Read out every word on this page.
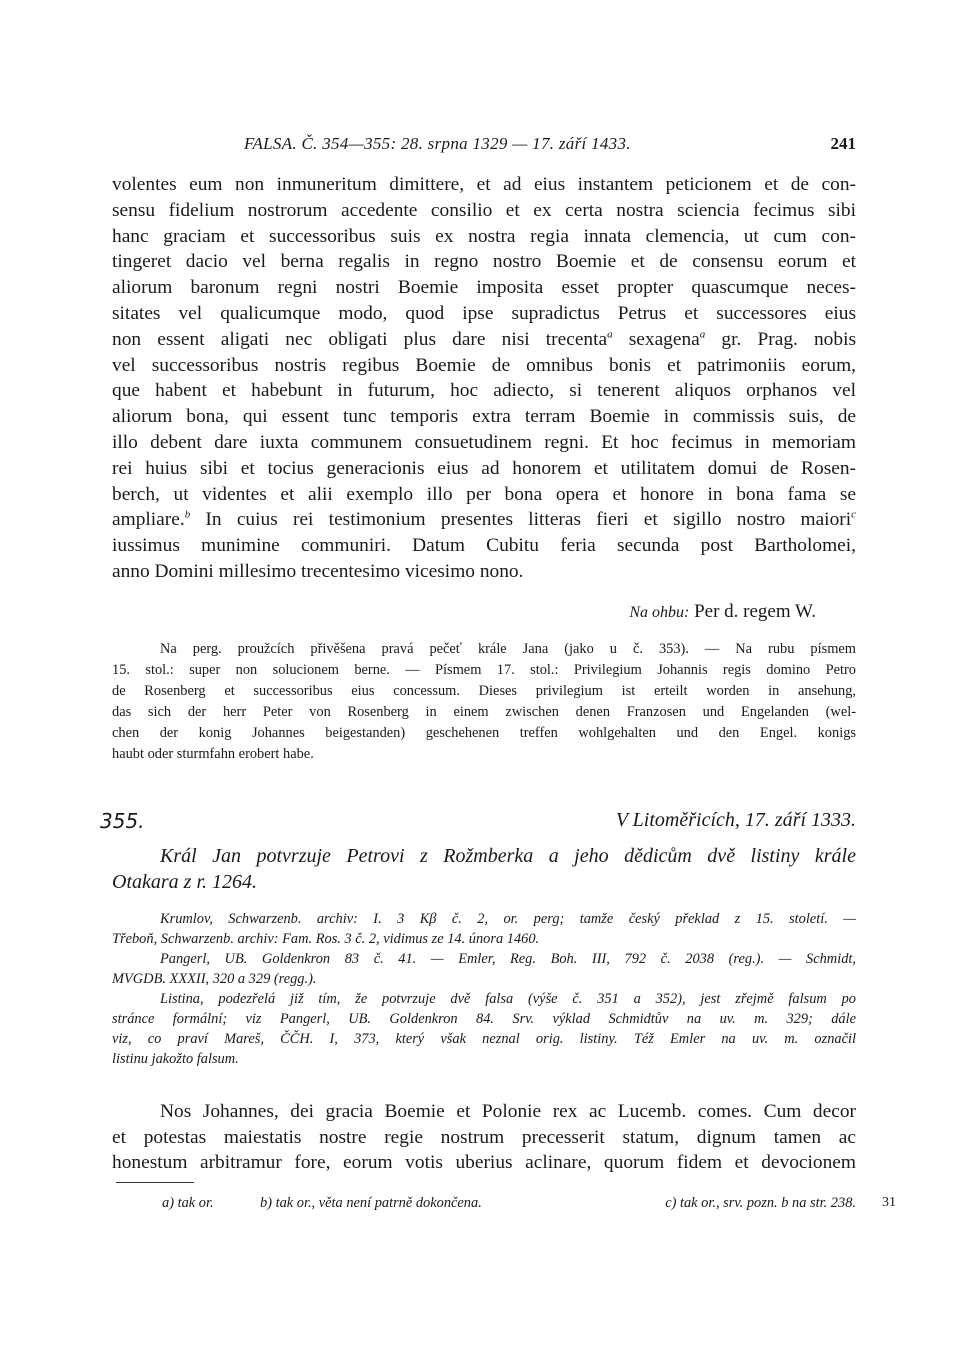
FALSA. Č. 354—355: 28. srpna 1329 — 17. září 1433.	241
volentes eum non inmuneritum dimittere, et ad eius instantem peticionem et de con-
sensu fidelium nostrorum accedente consilio et ex certa nostra sciencia fecimus sibi
hanc graciam et successoribus suis ex nostra regia innata clemencia, ut cum con-
tingeret dacio vel berna regalis in regno nostro Boemie et de consensu eorum et
aliorum baronum regni nostri Boemie imposita esset propter quascumque neces-
sitates vel qualicumque modo, quod ipse supradictus Petrus et successores eius
non essent aligati nec obligati plus dare nisi trecenta$^a$ sexagena$^a$ gr. Prag. nobis
vel successoribus nostris regibus Boemie de omnibus bonis et patrimoniis eorum,
que habent et habebunt in futurum, hoc adiecto, si tenerent aliquos orphanos vel
aliorum bona, qui essent tunc temporis extra terram Boemie in commissis suis, de
illo debent dare iuxta communem consuetudinem regni. Et hoc fecimus in memoriam
rei huius sibi et tocius generacionis eius ad honorem et utilitatem domui de Rosen-
berch, ut videntes et alii exemplo illo per bona opera et honore in bona fama se
ampliare.$^b$ In cuius rei testimonium presentes litteras fieri et sigillo nostro maiori$^c$
iussimus munimine communiri. Datum Cubitu feria secunda post Bartholomei,
anno Domini millesimo trecentesimo vicesimo nono.
Na ohbu: Per d. regem W.
Na perg. proužcích přivěšena pravá pečeť krále Jana (jako u č. 353). — Na rubu písmem
15. stol.: super non solucionem berne. — Písmem 17. stol.: Privilegium Johannis regis domino Petro
de Rosenberg et successoribus eius concessum. Dieses privilegium ist erteilt worden in ansehung,
das sich der herr Peter von Rosenberg in einem zwischen denen Franzosen und Engelanden (wel-
chen der konig Johannes beigestanden) geschehenen treffen wohlgehalten und den Engel. konigs
haubt oder sturmfahn erobert habe.
355.	V Litoměřicích, 17. září 1333.
Král Jan potvrzuje Petrovi z Rožmberka a jeho dědicům dvě listiny krále
Otakara z r. 1264.
Krumlov, Schwarzenb. archiv: I. 3 Kβ č. 2, or. perg; tamže český překlad z 15. století. —
Třeboň, Schwarzenb. archiv: Fam. Ros. 3 č. 2, vidimus ze 14. února 1460.
Pangerl, UB. Goldenkron 83 č. 41. — Emler, Reg. Boh. III, 792 č. 2038 (reg.). — Schmidt,
MVGDB. XXXII, 320 a 329 (regg.).
Listina, podezřelá již tím, že potvrzuje dvě falsa (výše č. 351 a 352), jest zřejmě falsum po
stránce formální; viz Pangerl, UB. Goldenkron 84. Srv. výklad Schmidtův na uv. m. 329; dále
viz, co praví Mareš, ČČH. I, 373, který však neznal orig. listiny. Též Emler na uv. m. označil
listinu jakožto falsum.
Nos Johannes, dei gracia Boemie et Polonie rex ac Lucemb. comes. Cum decor
et potestas maiestatis nostre regie nostrum precesserit statum, dignum tamen ac
honestum arbitramur fore, eorum votis uberius aclinare, quorum fidem et devocionem
a) tak or.	b) tak or., věta není patrně dokončena.	c) tak or., srv. pozn. b na str. 238. 31
